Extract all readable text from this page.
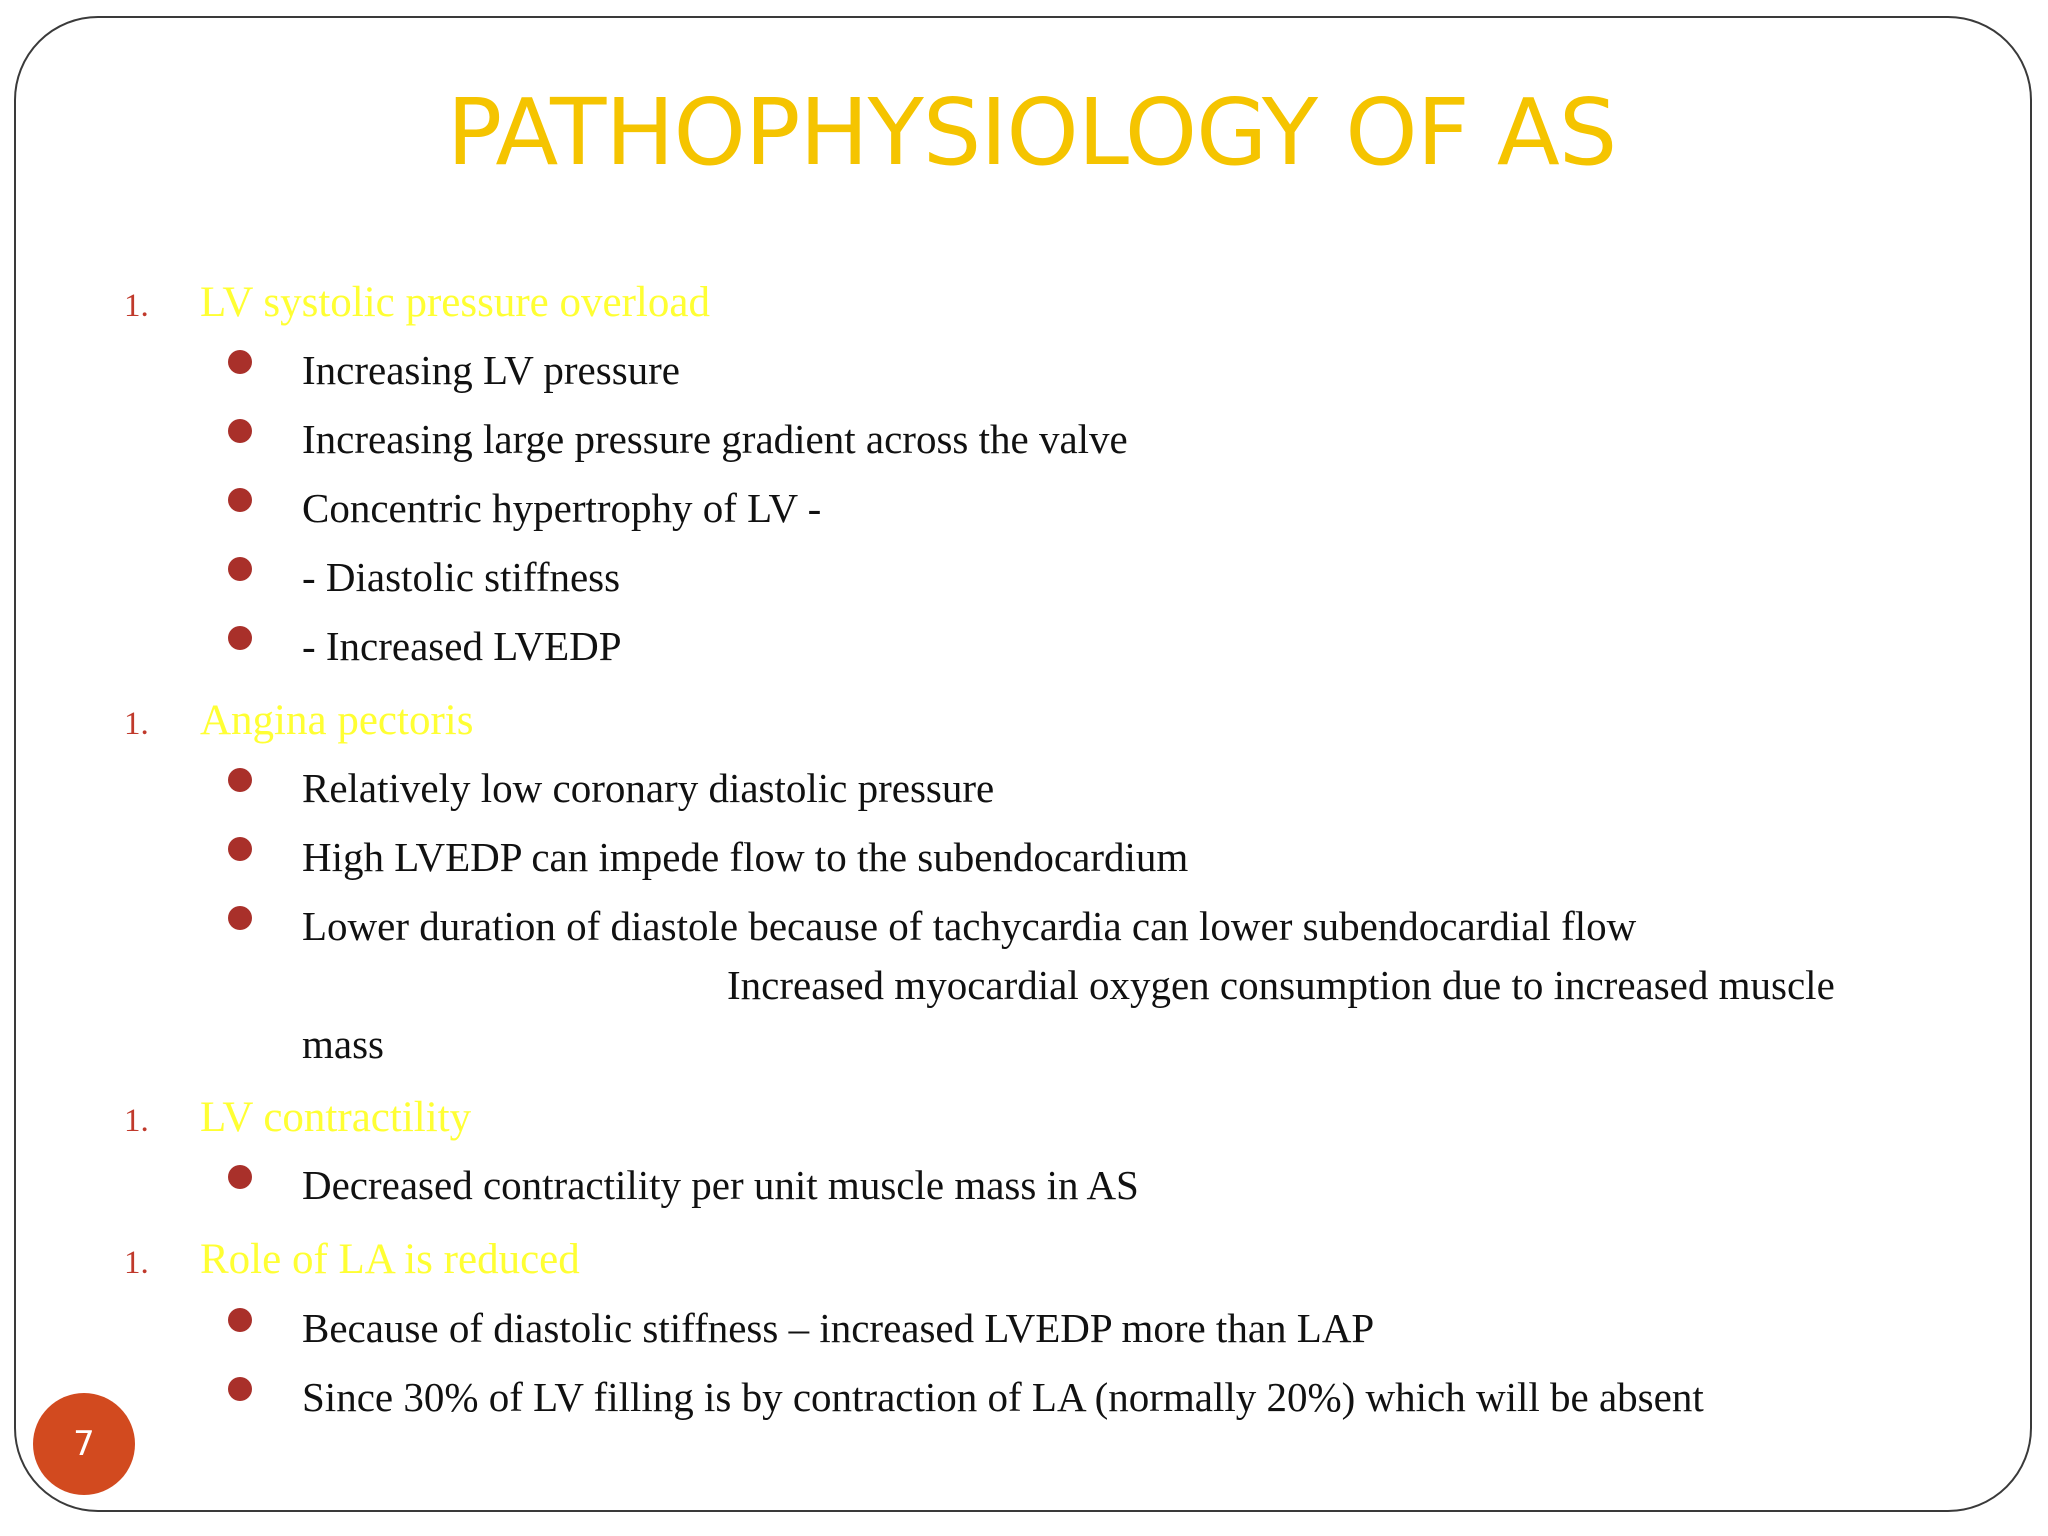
PATHOPHYSIOLOGY OF AS
1. LV systolic pressure overload
Increasing LV pressure
Increasing large pressure gradient across the valve
Concentric hypertrophy of LV -
- Diastolic stiffness
- Increased LVEDP
1. Angina pectoris
Relatively low coronary diastolic pressure
High LVEDP can impede flow to the subendocardium
Lower duration of diastole because of tachycardia can lower subendocardial flow
Increased myocardial oxygen consumption due to increased muscle
mass
1. LV contractility
Decreased contractility per unit muscle mass in AS
1. Role of LA is reduced
Because of diastolic stiffness – increased LVEDP more than LAP
Since 30% of LV filling is by contraction of LA (normally 20%) which will be absent
7
